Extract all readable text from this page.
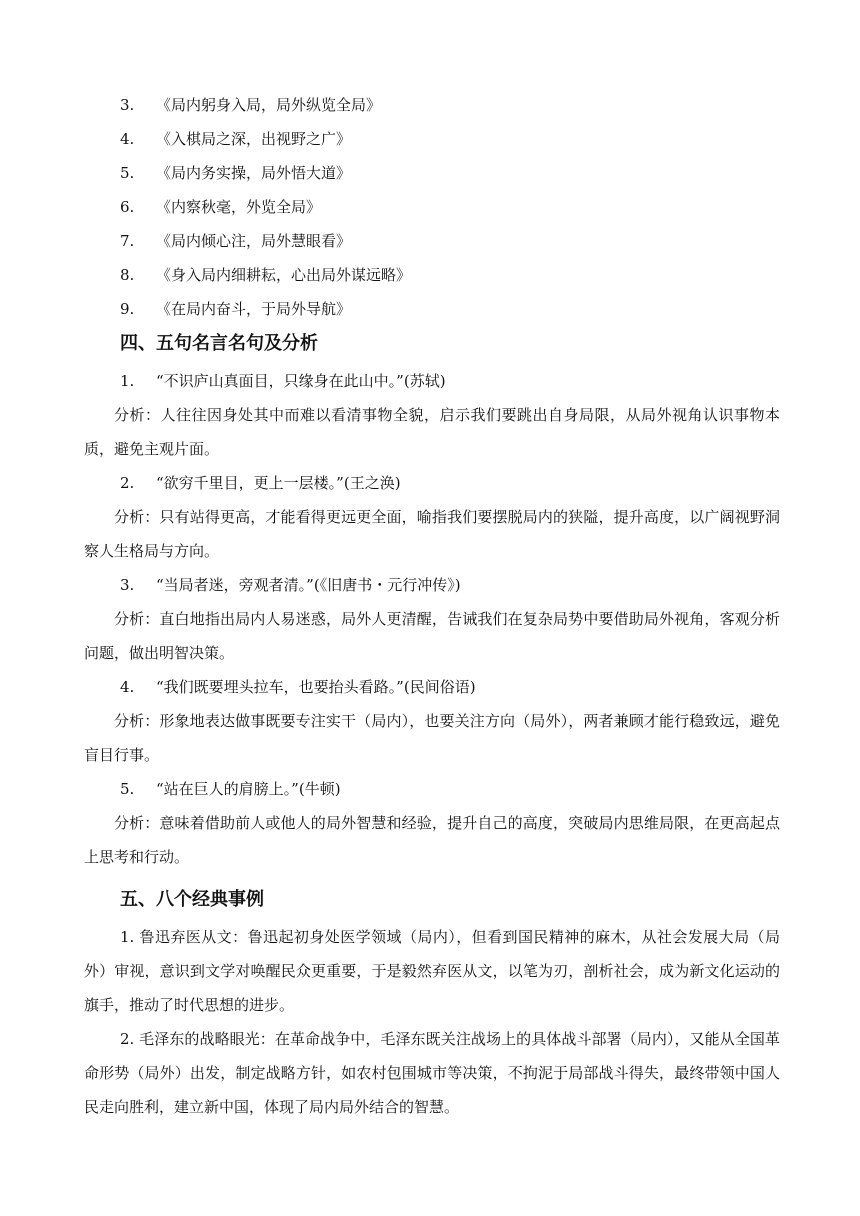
3.	《局内躬身入局，局外纵览全局》
4.	《入棋局之深，出视野之广》
5.	《局内务实操，局外悟大道》
6.	《内察秋毫，外览全局》
7.	《局内倾心注，局外慧眼看》
8.	《身入局内细耕耘，心出局外谋远略》
9.	《在局内奋斗，于局外导航》
四、五句名言名句及分析
1.	“不识庐山真面目，只缘身在此山中。”(苏轼)

分析：人往往因身处其中而难以看清事物全貌，启示我们要跳出自身局限，从局外视角认识事物本质，避免主观片面。

2.	“欲穷千里目，更上一层楼。”(王之涣)

分析：只有站得更高，才能看得更远更全面，喻指我们要摆脱局内的狭隘，提升高度，以广阔视野洞察人生格局与方向。

3.	“当局者迷，旁观者清。”(《旧唐书・元行冲传》)

分析：直白地指出局内人易迷惑，局外人更清醒，告诫我们在复杂局势中要借助局外视角，客观分析问题，做出明智决策。

4.	“我们既要埋头拉车，也要抬头看路。”(民间俗语)

分析：形象地表达做事既要专注实干（局内），也要关注方向（局外），两者兼顾才能行稳致远，避免盲目行事。

5.	“站在巨人的肩膀上。”(牛顿)

分析：意味着借助前人或他人的局外智慧和经验，提升自己的高度，突破局内思维局限，在更高起点上思考和行动。

五、八个经典事例

1. 鲁迅弃医从文：鲁迅起初身处医学领域（局内），但看到国民精神的麻木，从社会发展大局（局外）审视，意识到文学对唤醒民众更重要，于是毅然弃医从文，以笔为刃，剖析社会，成为新文化运动的旗手，推动了时代思想的进步。

2. 毛泽东的战略眼光：在革命战争中，毛泽东既关注战场上的具体战斗部署（局内），又能从全国革命形势（局外）出发，制定战略方针，如农村包围城市等决策，不拘泥于局部战斗得失，最终带领中国人民走向胜利，建立新中国，体现了局内局外结合的智慧。
